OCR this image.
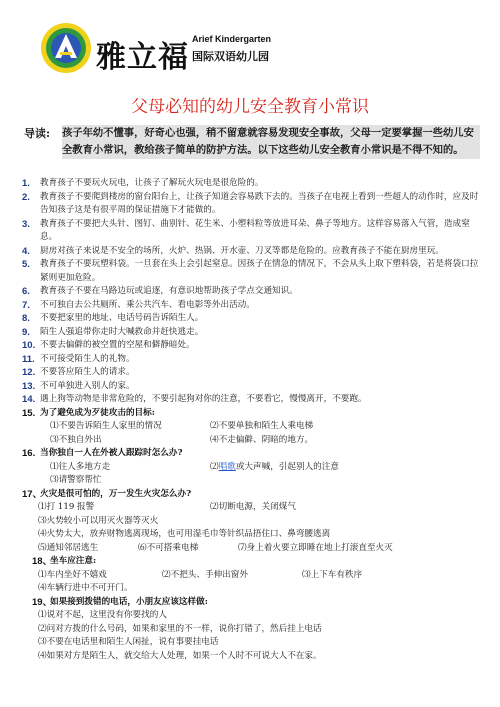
雅立福
Arief Kindergarten
国际双语幼儿园
父母必知的幼儿安全教育小常识
导读: 孩子年幼不懂事，好奇心也强，稍不留意就容易发现安全事故，父母一定要掌握一些幼儿安全教育小常识，教给孩子简单的防护方法。以下这些幼儿安全教育小常识是不得不知的。
1. 教育孩子不要玩火玩电，让孩子了解玩火玩电是很危险的。
2. 教育孩子不要爬到楼房的窗台阳台上，让孩子知道会容易跌下去的。当孩子在电视上看到一些超人的动作时，应及时告知孩子这是有很平周的保证措施下才能做的。
3. 教育孩子不要把大头针、图钉、曲别针、花生米、小塑料粒等放进耳朵、鼻子等地方。这样容易落入气管，造成窒息。
4. 厨房对孩子来说是不安全的场所，火炉、热锅、开水壶、刀叉等都是危险的。应教育孩子不能在厨房里玩。
5. 教育孩子不要玩塑料袋。一旦套在头上会引起窒息。因孩子在情急的情况下，不会从头上取下塑料袋，若是将袋口拉紧则更加危险。
6. 教育孩子不要在马路边玩或追逐，有意识地帮助孩子学点交通知识。
7. 不可独自去公共厕所、乘公共汽车、看电影等外出活动。
8. 不要把家里的地址、电话号码告诉陌生人。
9. 陌生人强追带你走时大喊救命并赶快逃走。
10. 不要去偏僻的被空置的空屋和僻静暗处。
11. 不可接受陌生人的礼物。
12. 不要答应陌生人的请求。
13. 不可单独进入别人的家。
14. 遇上狗等动物是非常危险的，不要引起狗对你的注意，不要看它，慢慢离开，不要跑。
15. 为了避免成为歹徒攻击的目标:
⑴不要告诉陌生人家里的情况	⑵不要单独和陌生人乘电梯
⑶不独自外出	⑷不走偏僻、阴暗的地方。
16. 当你独自一人在外被人跟踪时怎么办?
⑴往人多地方走	⑵唱歌或大声喊，引起别人的注意
⑶请警察帮忙
17、
火灾是很可怕的，万一发生火灾怎么办?
⑴打 119 报警	⑵切断电源，关闭煤气
⑶火势较小可以用灭火器等灭火
⑷火势太大，放弃财物逃离现场，也可用湿毛巾等针织品捂住口、鼻弯腰逃离
⑸通知邻居逃生	⑹不可搭乘电梯	⑺身上着火要立即睡在地上打滚直至火灭
18、
坐车应注意:
⑴车内坐好不嬉戏	⑵不把头、手伸出窗外	⑶上下车有秩序
⑷车辆行进中不可开门。
19、
如果接到拨错的电话，小朋友应该这样做:
⑴说对不起，这里没有你要找的人
⑵问对方拨的什么号码，如果和家里的不一样，说你打错了，然后挂上电话
⑶不要在电话里和陌生人闲扯，说有事要挂电话
⑷如果对方是陌生人，就交给大人处理，如果一个人时不可说大人不在家。
